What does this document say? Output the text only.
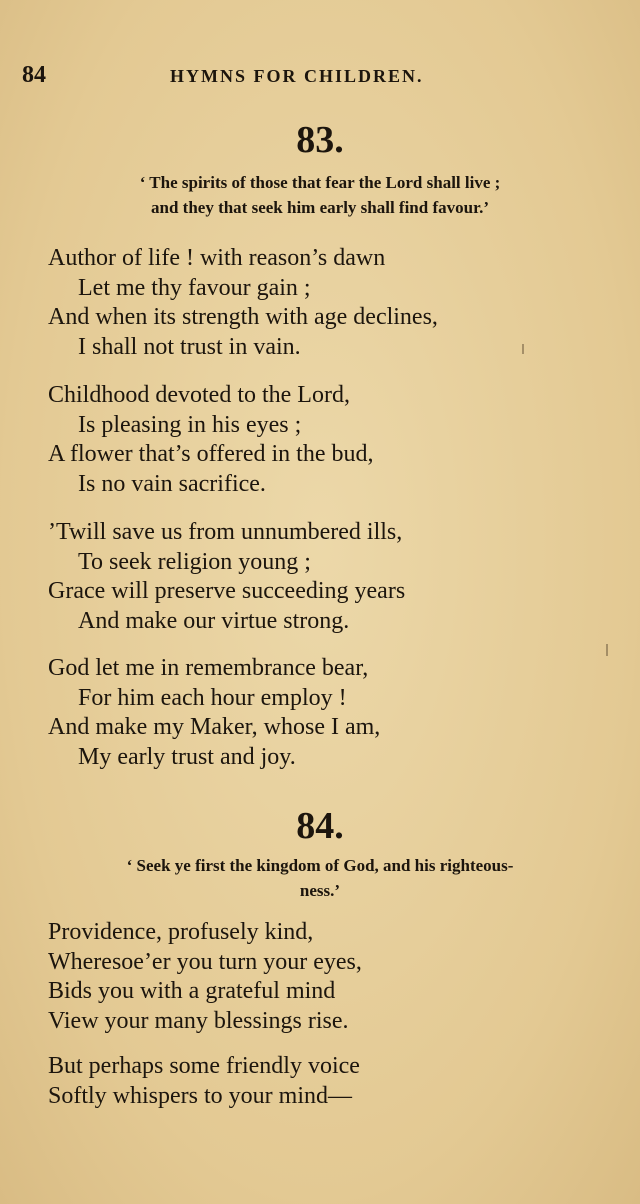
84	HYMNS FOR CHILDREN.
83.
‘ The spirits of those that fear the Lord shall live ;
and they that seek him early shall find favour.’
Author of life ! with reason’s dawn
Let me thy favour gain ;
And when its strength with age declines,
I shall not trust in vain.
Childhood devoted to the Lord,
Is pleasing in his eyes ;
A flower that’s offered in the bud,
Is no vain sacrifice.
’Twill save us from unnumbered ills,
To seek religion young ;
Grace will preserve succeeding years
And make our virtue strong.
God let me in remembrance bear,
For him each hour employ !
And make my Maker, whose I am,
My early trust and joy.
84.
‘ Seek ye first the kingdom of God, and his righteous-
ness.’
Providence, profusely kind,
Wheresoe’er you turn your eyes,
Bids you with a grateful mind
View your many blessings rise.
But perhaps some friendly voice
Softly whispers to your mind—
